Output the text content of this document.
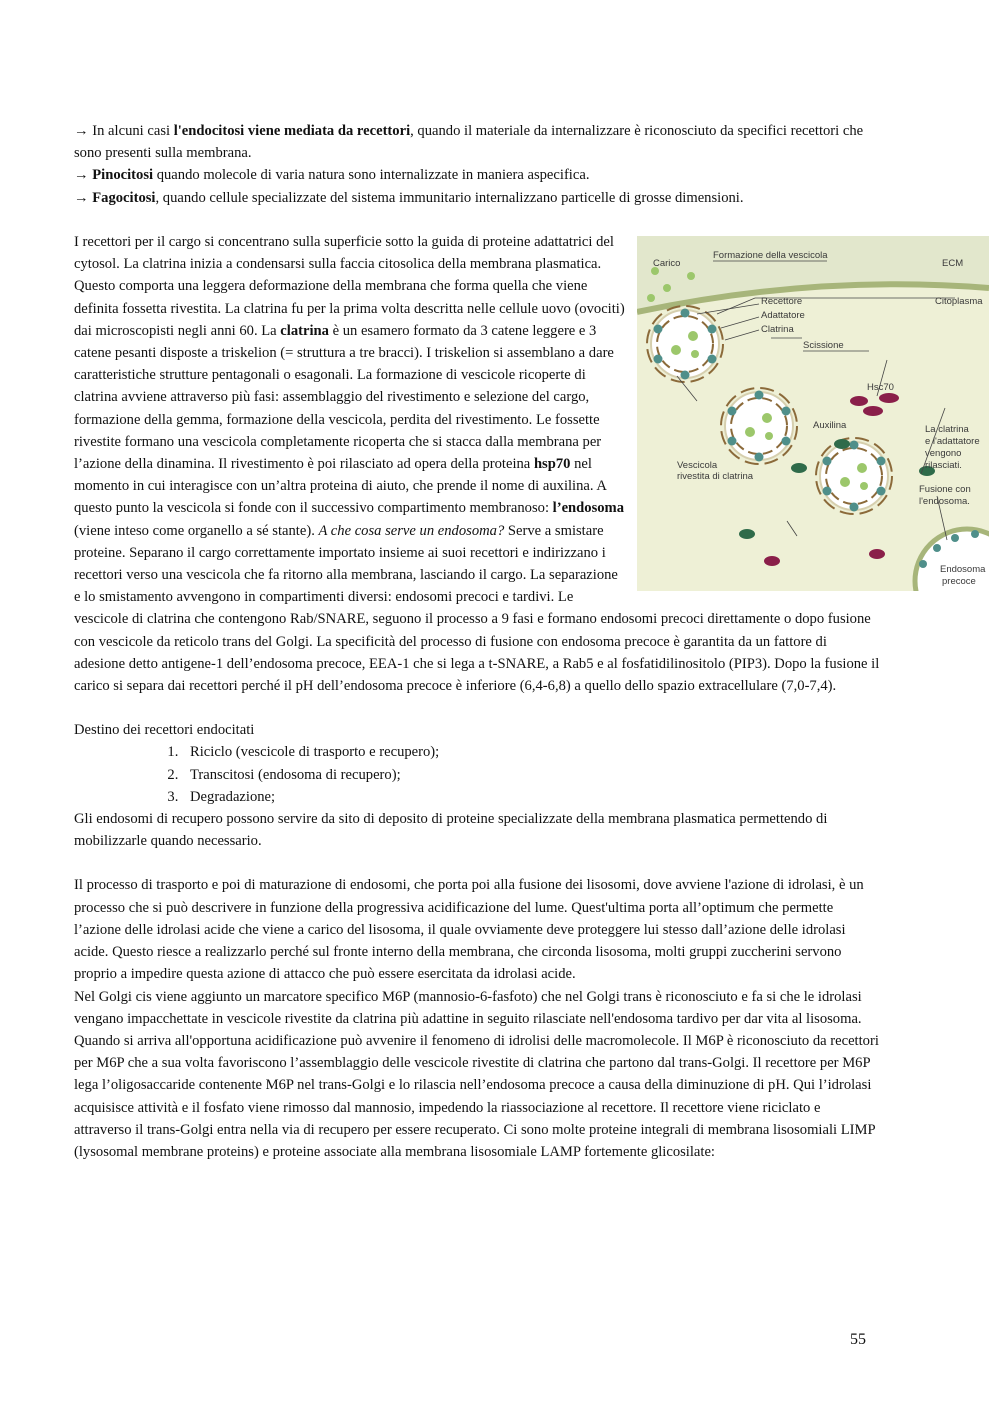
→ In alcuni casi l'endocitosi viene mediata da recettori, quando il materiale da internalizzare è riconosciuto da specifici recettori che sono presenti sulla membrana.

→ Pinocitosi quando molecole di varia natura sono internalizzate in maniera aspecifica.

→ Fagocitosi, quando cellule specializzate del sistema immunitario internalizzano particelle di grosse dimensioni.

I recettori per il cargo si concentrano sulla superficie sotto la guida di proteine adattatrici del cytosol. La clatrina inizia a condensarsi sulla faccia citosolica della membrana plasmatica. Questo comporta una leggera deformazione della membrana che forma quella che viene definita fossetta rivestita. La clatrina fu per la prima volta descritta nelle cellule uovo (ovociti) dai microscopisti negli anni 60. La clatrina è un esamero formato da 3 catene leggere e 3 catene pesanti disposte a triskelion (= struttura a tre bracci). I triskelion si assemblano a dare caratteristiche strutture pentagonali o esagonali. La formazione di vescicole ricoperte di clatrina avviene attraverso più fasi: assemblaggio del rivestimento e selezione del cargo, formazione della gemma, formazione della vescicola, perdita del rivestimento. Le fossette rivestite formano una vescicola completamente ricoperta che si stacca dalla membrana per l’azione della dinamina. Il rivestimento è poi rilasciato ad opera della proteina hsp70 nel momento in cui interagisce con un’altra proteina di aiuto, che prende il nome di auxilina. A questo punto la vescicola si fonde con il successivo compartimento membranoso: l’endosoma (viene inteso come organello a sé stante). A che cosa serve un endosoma? Serve a smistare proteine. Separano il cargo correttamente importato insieme ai suoi recettori e indirizzano i recettori verso una vescicola che fa ritorno alla membrana, lasciando il cargo. La separazione e lo smistamento avvengono in compartimenti diversi: endosomi precoci e tardivi. Le vescicole di clatrina che contengono Rab/SNARE, seguono il processo a 9 fasi e formano endosomi precoci direttamente o dopo fusione con vescicole da reticolo trans del Golgi. La specificità del processo di fusione con endosoma precoce è garantita da un fattore di adesione detto antigene-1 dell’endosoma precoce, EEA-1 che si lega a t-SNARE, a Rab5 e al fosfatidilinositolo (PIP3). Dopo la fusione il carico si separa dai recettori perché il pH dell’endosoma precoce è inferiore (6,4-6,8) a quello dello spazio extracellulare (7,0-7,4).

Destino dei recettori endocitati

1. Riciclo (vescicole di trasporto e recupero);
2. Transcitosi (endosoma di recupero);
3. Degradazione;

Gli endosomi di recupero possono servire da sito di deposito di proteine specializzate della membrana plasmatica permettendo di mobilizzarle quando necessario.

Il processo di trasporto e poi di maturazione di endosomi, che porta poi alla fusione dei lisosomi, dove avviene l'azione di idrolasi, è un processo che si può descrivere in funzione della progressiva acidificazione del lume. Quest'ultima porta all’optimum che permette l’azione delle idrolasi acide che viene a carico del lisosoma, il quale ovviamente deve proteggere lui stesso dall’azione delle idrolasi acide. Questo riesce a realizzarlo perché sul fronte interno della membrana, che circonda lisosoma, molti gruppi zuccherini servono proprio a impedire questa azione di attacco che può essere esercitata da idrolasi acide.

Nel Golgi cis viene aggiunto un marcatore specifico M6P (mannosio-6-fasfoto) che nel Golgi trans è riconosciuto e fa si che le idrolasi vengano impacchettate in vescicole rivestite da clatrina più adattine in seguito rilasciate nell'endosoma tardivo per dar vita al lisosoma. Quando si arriva all'opportuna acidificazione può avvenire il fenomeno di idrolisi delle macromolecole. Il M6P è riconosciuto da recettori per M6P che a sua volta favoriscono l’assemblaggio delle vescicole rivestite di clatrina che partono dal trans-Golgi. Il recettore per M6P lega l’oligosaccaride contenente M6P nel trans-Golgi e lo rilascia nell’endosoma precoce a causa della diminuzione di pH. Qui l’idrolasi acquisisce attività e il fosfato viene rimosso dal mannosio, impedendo la riassociazione al recettore. Il recettore viene riciclato e attraverso il trans-Golgi entra nella via di recupero per essere recuperato. Ci sono molte proteine integrali di membrana lisosomiali LIMP (lysosomal membrane proteins) e proteine associate alla membrana lisosomiale LAMP fortemente glicosilate:

Formazione della vescicola
Carico	ECM
Recettore	Citoplasma
Adattatore
Clatrina
Scissione
Hsc70
La clatrina
e l'adattatore
vengono
rilasciati.
Auxilina
Vescicola
rivestita di clatrina
Fusione con
l'endosoma.
Endosoma
precoce
55
